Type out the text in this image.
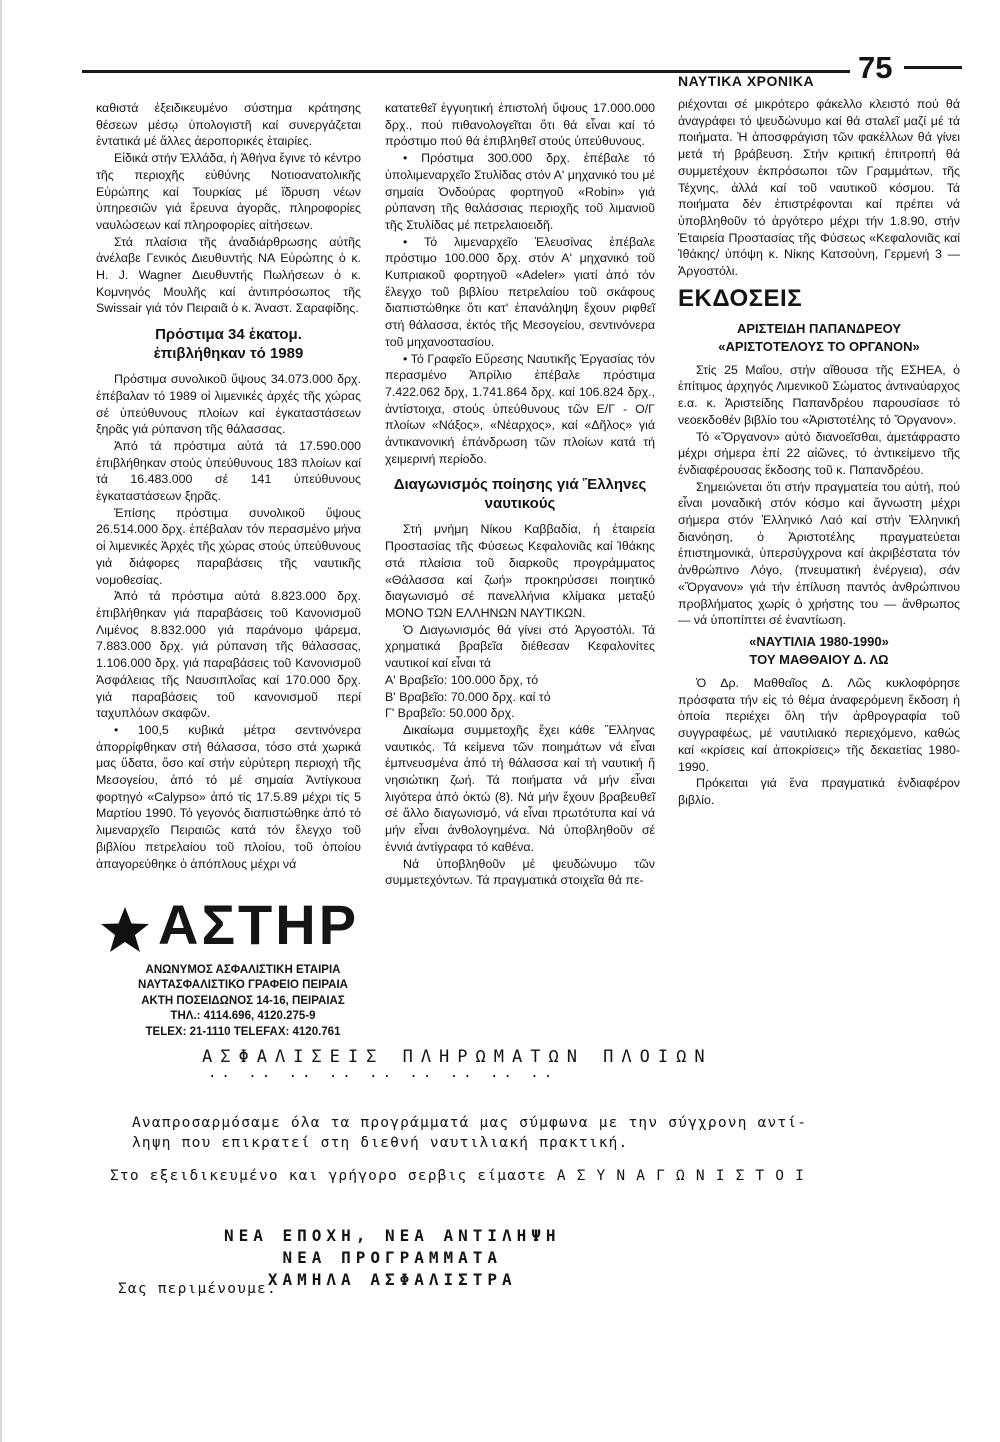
ΝΑΥΤΙΚΑ ΧΡΟΝΙΚΑ 75

καθιστά ἐξειδικευμένο σύστημα κράτησης θέσεων μέσῳ ὑπολογιστῆ καί συνεργάζεται ἐντατικά μέ ἄλλες ἀεροπορικές ἑταιρίες.

Εἰδικά στήν Ἑλλάδα, ἡ Ἀθήνα ἔγινε τό κέντρο τῆς περιοχῆς εὐθύνης Νοτιοανατολικῆς Εὐρώπης καί Τουρκίας μέ ἵδρυση νέων ὑπηρεσιῶν γιά ἔρευνα ἀγορᾶς, πληροφορίες ναυλώσεων καί πληροφορίες αἰτήσεων.

Στά πλαίσια τῆς ἀναδιάρθρωσης αὐτῆς ἀνέλαβε Γενικός Διευθυντής ΝΑ Εὐρώπης ὁ κ. H. J. Wagner Διευθυντής Πωλήσεων ὁ κ. Κομνηνός Μουλῆς καί ἀντιπρόσωπος τῆς Swissair γιά τόν Πειραιᾶ ὁ κ. Ἀναστ. Σαραφίδης.

Πρόστιμα 34 ἑκατομ.
ἐπιβλήθηκαν τό 1989

Πρόστιμα συνολικοῦ ὕψους 34.073.000 δρχ. ἐπέβαλαν τό 1989 οἱ λιμενικές ἀρχές τῆς χώρας σέ ὑπεύθυνους πλοίων καί ἐγκαταστάσεων ξηρᾶς γιά ρύπανση τῆς θάλασσας.

Ἀπό τά πρόστιμα αὐτά τά 17.590.000 ἐπιβλήθηκαν στούς ὑπεύθυνους 183 πλοίων καί τά 16.483.000 σέ 141 ὑπεύθυνους ἐγκαταστάσεων ξηρᾶς.

Ἐπίσης πρόστιμα συνολικοῦ ὕψους 26.514.000 δρχ. ἐπέβαλαν τόν περασμένο μήνα οἱ λιμενικές Ἀρχές τῆς χώρας στούς ὑπεύθυνους γιά διάφορες παραβάσεις τῆς ναυτικῆς νομοθεσίας.

Ἀπό τά πρόστιμα αὐτά 8.823.000 δρχ. ἐπιβλήθηκαν γιά παραβάσεις τοῦ Κανονισμοῦ Λιμένος 8.832.000 γιά παράνομο ψάρεμα, 7.883.000 δρχ. γιά ρύπανση τῆς θάλασσας, 1.106.000 δρχ. γιά παραβάσεις τοῦ Κανονισμοῦ Ἀσφάλειας τῆς Ναυσιπλοΐας καί 170.000 δρχ. γιά παραβάσεις τοῦ κανονισμοῦ περί ταχυπλόων σκαφῶν.

• 100,5 κυβικά μέτρα σεντινόνερα ἀπορρίφθηκαν στή θάλασσα, τόσο στά χωρικά μας ὕδατα, ὅσο καί στήν εὐρύτερη περιοχή τῆς Μεσογείου, ἀπό τό μέ σημαία Ἀντίγκουα φορτηγό «Calypso» ἀπό τίς 17.5.89 μέχρι τίς 5 Μαρτίου 1990. Τό γεγονός διαπιστώθηκε ἀπό τό λιμεναρχεῖο Πειραιῶς κατά τόν ἔλεγχο τοῦ βιβλίου πετρελαίου τοῦ πλοίου, τοῦ ὁποίου ἀπαγορεύθηκε ὁ ἀπόπλους μέχρι νά

κατατεθεῖ ἐγγυητική ἐπιστολή ὕψους 17.000.000 δρχ., πού πιθανολογεῖται ὅτι θά εἶναι καί τό πρόστιμο πού θά ἐπιβληθεῖ στούς ὑπεύθυνους.

• Πρόστιμα 300.000 δρχ. ἐπέβαλε τό ὑπολιμεναρχεῖο Στυλίδας στόν Α' μηχανικό του μέ σημαία Ὀνδούρας φορτηγοῦ «Robin» γιά ρύπανση τῆς θαλάσσιας περιοχῆς τοῦ λιμανιοῦ τῆς Στυλίδας μέ πετρελαιοειδῆ.

• Τό λιμεναρχεῖο Ἐλευσίνας ἐπέβαλε πρόστιμο 100.000 δρχ. στόν Α' μηχανικό τοῦ Κυπριακοῦ φορτηγοῦ «Adeler» γιατί ἀπό τόν ἔλεγχο τοῦ βιβλίου πετρελαίου τοῦ σκάφους διαπιστώθηκε ὅτι κατ' ἐπανάληψη ἔχουν ριφθεῖ στή θάλασσα, ἐκτός τῆς Μεσογείου, σεντινόνερα τοῦ μηχανοστασίου.

• Τό Γραφεῖο Εὕρεσης Ναυτικῆς Ἐργασίας τόν περασμένο Ἀπρίλιο ἐπέβαλε πρόστιμα 7.422.062 δρχ, 1.741.864 δρχ. καί 106.824 δρχ., ἀντίστοιχα, στούς ὑπεύθυνους τῶν Ε/Γ - Ο/Γ πλοίων «Νάξος», «Νέαρχος», καί «Δῆλος» γιά ἀντικανονική ἐπάνδρωση τῶν πλοίων κατά τή χειμερινή περίοδο.

Διαγωνισμός ποίησης γιά Ἕλληνες
ναυτικούς

Στή μνήμη Νίκου Καββαδία, ἡ ἑταιρεία Προστασίας τῆς Φύσεως Κεφαλονιᾶς καί Ἰθάκης στά πλαίσια τοῦ διαρκοῦς προγράμματος «Θάλασσα καί ζωή» προκηρύσσει ποιητικό διαγωνισμό σέ πανελλήνια κλίμακα μεταξύ ΜΟΝΟ ΤΩΝ ΕΛΛΗΝΩΝ ΝΑΥΤΙΚΩΝ.

Ὁ Διαγωνισμός θά γίνει στό Ἀργοστόλι. Τά χρηματικά βραβεῖα διέθεσαν Κεφαλονίτες ναυτικοί καί εἶναι τά

Α' Βραβεῖο: 100.000 δρχ, τό

Β' Βραβεῖο: 70.000 δρχ. καί τό

Γ' Βραβεῖο: 50.000 δρχ.

Δικαίωμα συμμετοχῆς ἔχει κάθε Ἕλληνας ναυτικός. Τά κείμενα τῶν ποιημάτων νά εἶναι ἐμπνευσμένα ἀπό τή θάλασσα καί τή ναυτική ἤ νησιώτικη ζωή. Τά ποιήματα νά μήν εἶναι λιγότερα ἀπό ὀκτώ (8). Νά μήν ἔχουν βραβευθεῖ σέ ἄλλο διαγωνισμό, νά εἶναι πρωτότυπα καί νά μήν εἶναι ἀνθολογημένα. Νά ὑποβληθοῦν σέ ἑννιά ἀντίγραφα τό καθένα.

Νά ὑποβληθοῦν μέ ψευδώνυμο τῶν συμμετεχόντων. Τά πραγματικά στοιχεῖα θά πε-

ριέχονται σέ μικρότερο φάκελλο κλειστό πού θά ἀναγράφει τό ψευδώνυμο καί θά σταλεῖ μαζί μέ τά ποιήματα. Ἡ ἀποσφράγιση τῶν φακέλλων θά γίνει μετά τή βράβευση. Στήν κριτική ἐπιτροπή θά συμμετέχουν ἐκπρόσωποι τῶν Γραμμάτων, τῆς Τέχνης, ἀλλά καί τοῦ ναυτικοῦ κόσμου. Τά ποιήματα δέν ἐπιστρέφονται καί πρέπει νά ὑποβληθοῦν τό ἀργότερο μέχρι τήν 1.8.90, στήν Ἑταιρεία Προστασίας τῆς Φύσεως «Κεφαλονιᾶς καί Ἰθάκης/ ὑπόψη κ. Νίκης Κατσούνη, Γερμενή 3 — Ἀργοστόλι.

ΕΚΔΟΣΕΙΣ
ΑΡΙΣΤΕΙΔΗ ΠΑΠΑΝΔΡΕΟΥ
«ΑΡΙΣΤΟΤΕΛΟΥΣ ΤΟ ΟΡΓΑΝΟΝ»

Στίς 25 Μαΐου, στήν αἴθουσα τῆς ΕΣΗΕΑ, ὁ ἐπίτιμος ἀρχηγός Λιμενικοῦ Σώματος ἀντιναύαρχος ε.α. κ. Ἀριστείδης Παπανδρέου παρουσίασε τό νεοεκδοθέν βιβλίο του «Ἀριστοτέλης τό Ὄργανον».

Τό «Ὄργανον» αὐτό διανοεῖσθαι, ἀμετάφραστο μέχρι σήμερα ἐπί 22 αἰῶνες, τό ἀντικείμενο τῆς ἐνδιαφέρουσας ἔκδοσης τοῦ κ. Παπανδρέου.

Σημειώνεται ὅτι στήν πραγματεία του αὐτή, πού εἶναι μοναδική στόν κόσμο καί ἄγνωστη μέχρι σήμερα στόν Ἑλληνικό Λαό καί στήν Ἑλληνική διανόηση, ὁ Ἀριστοτέλης πραγματεύεται ἐπιστημονικά, ὑπερσύγχρονα καί ἀκριβέστατα τόν ἀνθρώπινο Λόγο, (πνευματική ἐνέργεια), σάν «Ὄργανον» γιά τήν ἐπίλυση παντός ἀνθρώπινου προβλήματος χωρίς ὁ χρήστης του — ἄνθρωπος — νά ὑποπίπτει σέ ἐναντίωση.

«ΝΑΥΤΙΛΙΑ 1980-1990»
ΤΟΥ ΜΑΘΘΑΙΟΥ Δ. ΛΩ

Ὁ Δρ. Μαθθαῖος Δ. Λῶς κυκλοφόρησε πρόσφατα τήν εἰς τό θέμα ἀναφερόμενη ἔκδοση ἡ ὁποία περιέχει ὅλη τήν ἀρθρογραφία τοῦ συγγραφέως, μέ ναυτιλιακό περιεχόμενο, καθώς καί «κρίσεις καί ἀποκρίσεις» τῆς δεκαετίας 1980-1990.

Πρόκειται γιά ἕνα πραγματικά ἐνδιαφέρον βιβλίο.

ΑΣΤΗΡ
ΑΝΩΝΥΜΟΣ ΑΣΦΑΛΙΣΤΙΚΗ ΕΤΑΙΡΙΑ
ΝΑΥΤΑΣΦΑΛΙΣΤΙΚΟ ΓΡΑΦΕΙΟ ΠΕΙΡΑΙΑ
ΑΚΤΗ ΠΟΣΕΙΔΩΝΟΣ 14-16, ΠΕΙΡΑΙΑΣ
ΤΗΛ.: 4114.696, 4120.275-9
TELEX: 21-1110 TELEFAX: 4120.761
ΑΣΦΑΛΙΣΕΙΣ ΠΛΗΡΩΜΑΤΩΝ ΠΛΟΙΩΝ
.. .. .. .. .. .. .. .. ..
Αναπροσαρμόσαμε όλα τα προγράμματά μας σύμφωνα με την σύγχρονη αντί-
ληψη που επικρατεί στη διεθνή ναυτιλιακή πρακτική.
Στο εξειδικευμένο και γρήγορο σερβις είμαστε Α Σ Υ Ν Α Γ Ω Ν Ι Σ Τ Ο Ι
ΝΕΑ ΕΠΟΧΗ, ΝΕΑ ΑΝΤΙΛΗΨΗ
ΝΕΑ ΠΡΟΓΡΑΜΜΑΤΑ
ΧΑΜΗΛΑ ΑΣΦΑΛΙΣΤΡΑ
Σας περιμένουμε.
